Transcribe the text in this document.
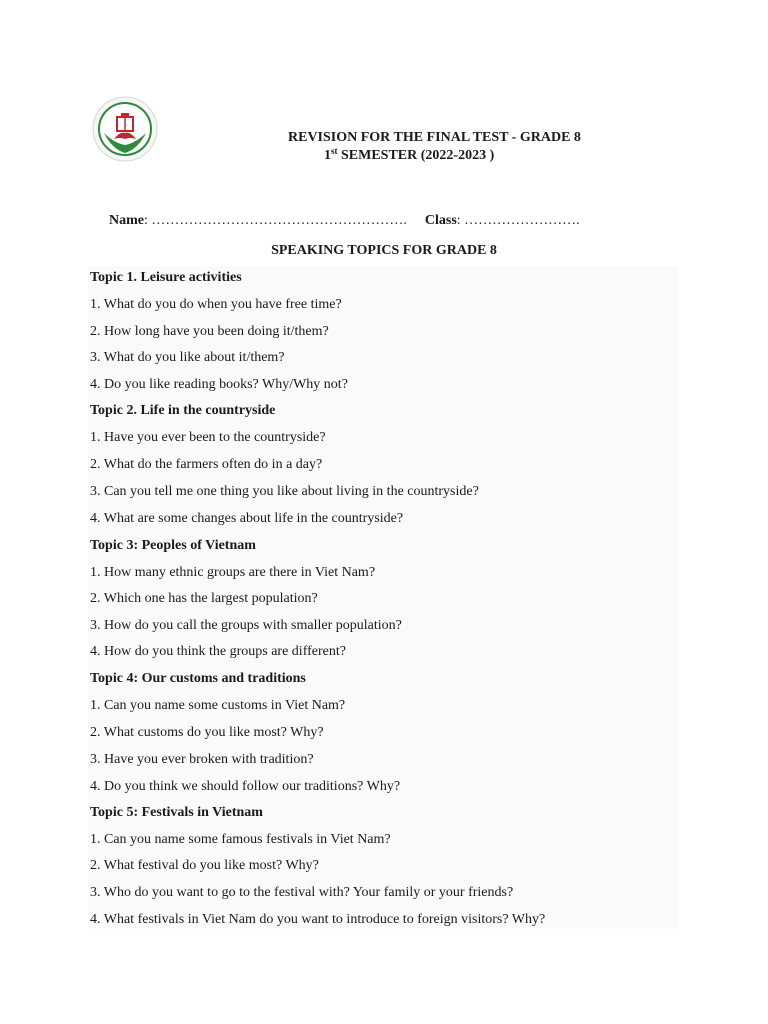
REVISION FOR THE FINAL TEST - GRADE 8
1st SEMESTER (2022-2023 )
Name: ………………………………………………. Class: …………………….
SPEAKING TOPICS FOR GRADE 8
Topic 1. Leisure activities
1. What do you do when you have free time?
2. How long have you been doing it/them?
3. What do you like about it/them?
4. Do you like reading books? Why/Why not?
Topic 2. Life in the countryside
1. Have you ever been to the countryside?
2. What do the farmers often do in a day?
3. Can you tell me one thing you like about living in the countryside?
4. What are some changes about life in the countryside?
Topic 3: Peoples of Vietnam
1. How many ethnic groups are there in Viet Nam?
2. Which one has the largest population?
3. How do you call the groups with smaller population?
4. How do you think the groups are different?
Topic 4: Our customs and traditions
1. Can you name some customs in Viet Nam?
2. What customs do you like most? Why?
3. Have you ever broken with tradition?
4. Do you think we should follow our traditions? Why?
Topic 5: Festivals in Vietnam
1. Can you name some famous festivals in Viet Nam?
2. What festival do you like most? Why?
3. Who do you want to go to the festival with? Your family or your friends?
4. What festivals in Viet Nam do you want to introduce to foreign visitors? Why?
